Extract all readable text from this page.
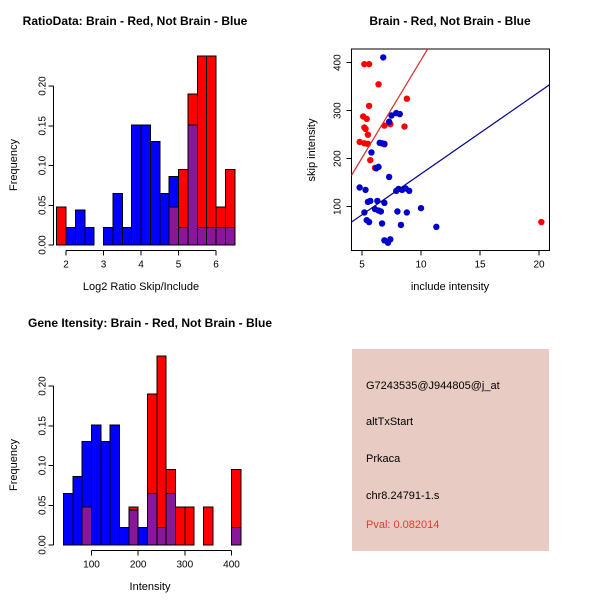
RatioData: Brain - Red, Not Brain - Blue
Frequency
Log2 Ratio Skip/Include
0.00
0.05
0.10
0.15
0.20
2	3	4	5	6
Brain - Red, Not Brain - Blue
skip intensity
include intensity
5	10	15	20
100
200
300
400
Gene Itensity: Brain - Red, Not Brain - Blue
Frequency
Intensity
0.00
0.05
0.10
0.15
0.20
100	200	300	400
G7243535@J944805@j_at
altTxStart
Prkaca
chr8.24791-1.s
Pval: 0.082014
